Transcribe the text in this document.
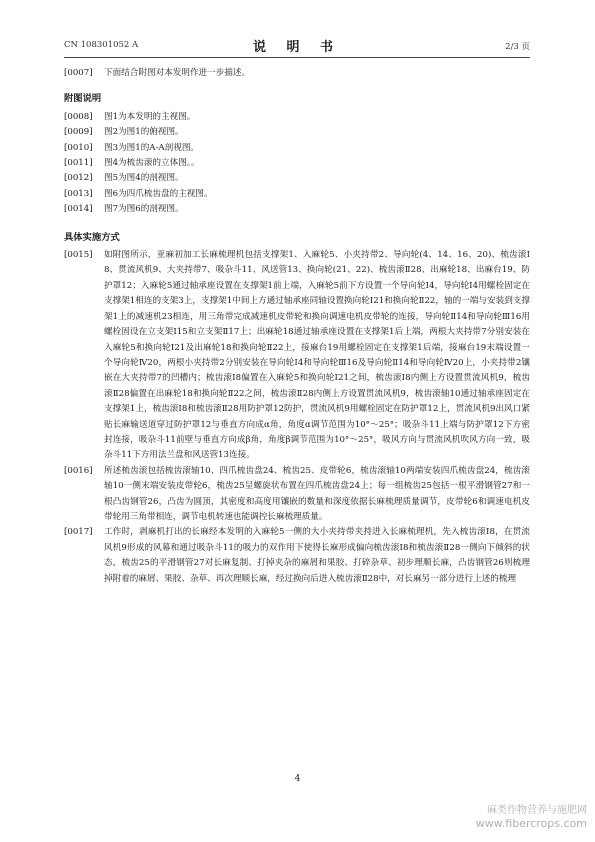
CN 108301052 A	说 明 书	2/3 页
[0007]	下面结合附图对本发明作进一步描述。
附图说明
[0008]	图1为本发明的主视图。
[0009]	图2为图1的俯视图。
[0010]	图3为图1的A-A剖视图。
[0011]	图4为梳齿滚的立体图。。
[0012]	图5为图4的剖视图。
[0013]	图6为四爪梳齿盘的主视图。
[0014]	图7为图6的剖视图。
具体实施方式
[0015]	如附图所示，亚麻初加工长麻梳理机包括支撑架1、入麻轮5、小夹持带2、导向轮(4、14、16、20)、梳齿滚Ⅰ8、贯流风机9、大夹持带7、吸杂斗11、风送管13、换向轮(21、22)、梳齿滚Ⅱ28、出麻轮18、出麻台19、防护罩12；入麻轮5通过轴承座设置在支撑架1前上端，入麻轮5前下方设置一个导向轮Ⅰ4，导向轮Ⅰ4用螺栓固定在支撑架1相连的支架3上，支撑架1中间上方通过轴承座同轴设置换向轮Ⅰ21和换向轮Ⅱ22，轴的一端与安装到支撑架1上的减速机23相连，用三角带完成减速机皮带轮和换向调速电机皮带轮的连接，导向轮Ⅱ14和导向轮Ⅲ16用螺栓固设在立支架Ⅰ15和立支架Ⅱ17上；出麻轮18通过轴承座设置在支撑架1后上端，两根大夹持带7分别安装在入麻轮5和换向轮Ⅰ21及出麻轮18和换向轮Ⅱ22上，接麻台19用螺栓固定在支撑架1后端，接麻台19末端设置一个导向轮Ⅳ20，两根小夹持带2分别安装在导向轮Ⅰ4和导向轮Ⅲ16及导向轮Ⅱ14和导向轮Ⅳ20上，小夹持带2镶嵌在大夹持带7的凹槽内；梳齿滚Ⅰ8偏置在入麻轮5和换向轮Ⅰ21之间，梳齿滚Ⅰ8内侧上方设置贯流风机9，梳齿滚Ⅱ28偏置在出麻轮18和换向轮Ⅱ22之间，梳齿滚Ⅱ28内侧上方设置贯流风机9，梳齿滚轴10通过轴承座固定在支撑架1上，梳齿滚Ⅰ8和梳齿滚Ⅱ28用防护罩12防护，贯流风机9用螺栓固定在防护罩12上，贯流风机9出风口紧贴长麻输送道穿过防护罩12与垂直方向成α角，角度α调节范围为10°～25°；吸杂斗11上端与防护罩12下方密封连接，吸杂斗11前壁与垂直方向成β角，角度β调节范围为10°～25°，吸风方向与贯流风机吹风方向一致，吸杂斗11下方用法兰盘和风送管13连接。
[0016]	所述梳齿滚包括梳齿滚轴10、四爪梳齿盘24、梳齿25、皮带轮6，梳齿滚轴10两端安装四爪梳齿盘24，梳齿滚轴10一侧末端安装皮带轮6，梳齿25呈螺旋状布置在四爪梳齿盘24上；每一组梳齿25包括一根平滑钢管27和一根凸齿钢管26，凸齿为圆顶，其密度和高度用镶嵌的数量和深度依据长麻梳理质量调节，皮带轮6和调速电机皮带轮用三角带相连，调节电机转速也能调控长麻梳理质量。
[0017]	工作时，剥麻机打出的长麻经本发明的入麻轮5一侧的大小夹持带夹持进入长麻梳理机，先入梳齿滚Ⅰ8，在贯流风机9形成的风幕和通过吸杂斗11的吸力的双作用下使得长麻形成偏向梳齿滚Ⅰ8和梳齿滚Ⅱ28一侧向下倾斜的状态，梳齿25的平滑钢管27对长麻复制、打掉夹杂的麻屑和果胶、打碎杂草、初步理顺长麻，凸齿钢管26则梳理掉附着的麻屑、果胶、杂草、再次理顺长麻，经过换向后进入梳齿滚Ⅱ28中，对长麻另一部分进行上述的梳理
4
麻类作物营养与施肥网
www.fibercrops.com
